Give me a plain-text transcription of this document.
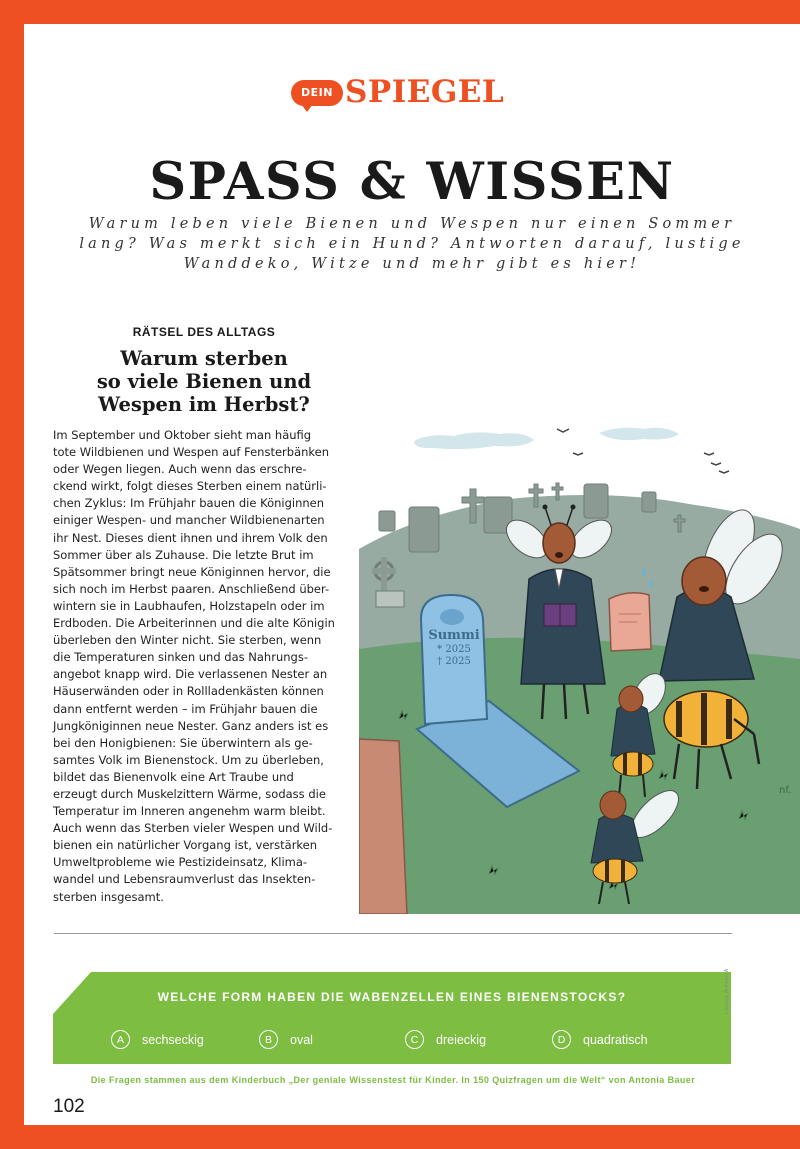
DEIN SPIEGEL
SPASS & WISSEN

Warum leben viele Bienen und Wespen nur einen Sommer lang? Was merkt sich ein Hund? Antworten darauf, lustige Wanddeko, Witze und mehr gibt es hier!

RÄTSEL DES ALLTAGS
Warum sterben
so viele Bienen und
Wespen im Herbst?
Im September und Oktober sieht man häufig
tote Wildbienen und Wespen auf Fensterbänken
oder Wegen liegen. Auch wenn das erschre-
ckend wirkt, folgt dieses Sterben einem natürli-
chen Zyklus: Im Frühjahr bauen die Königinnen
einiger Wespen- und mancher Wildbienenarten
ihr Nest. Dieses dient ihnen und ihrem Volk den
Sommer über als Zuhause. Die letzte Brut im
Spätsommer bringt neue Königinnen hervor, die
sich noch im Herbst paaren. Anschließend über-
wintern sie in Laubhaufen, Holzstapeln oder im
Erdboden. Die Arbeiterinnen und die alte Königin
überleben den Winter nicht. Sie sterben, wenn
die Temperaturen sinken und das Nahrungs-
angebot knapp wird. Die verlassenen Nester an
Häuserwänden oder in Rollladenkästen können
dann entfernt werden – im Frühjahr bauen die
Jungköniginnen neue Nester. Ganz anders ist es
bei den Honigbienen: Sie überwintern als ge-
samtes Volk im Bienenstock. Um zu überleben,
bildet das Bienenvolk eine Art Traube und
erzeugt durch Muskelzittern Wärme, sodass die
Temperatur im Inneren angenehm warm bleibt.
Auch wenn das Sterben vieler Wespen und Wild-
bienen ein natürlicher Vorgang ist, verstärken
Umweltprobleme wie Pestizideinsatz, Klima-
wandel und Lebensraumverlust das Insekten-
sterben insgesamt.
Summi
* 2025
† 2025
nf.
WELCHE FORM HABEN DIE WABENZELLEN EINES BIENENSTOCKS?
A	sechseckig	B	oval	C	dreieckig	D	quadratisch
Lösung: Antwort A
Die Fragen stammen aus dem Kinderbuch „Der geniale Wissenstest für Kinder. In 150 Quizfragen um die Welt“ von Antonia Bauer
102
